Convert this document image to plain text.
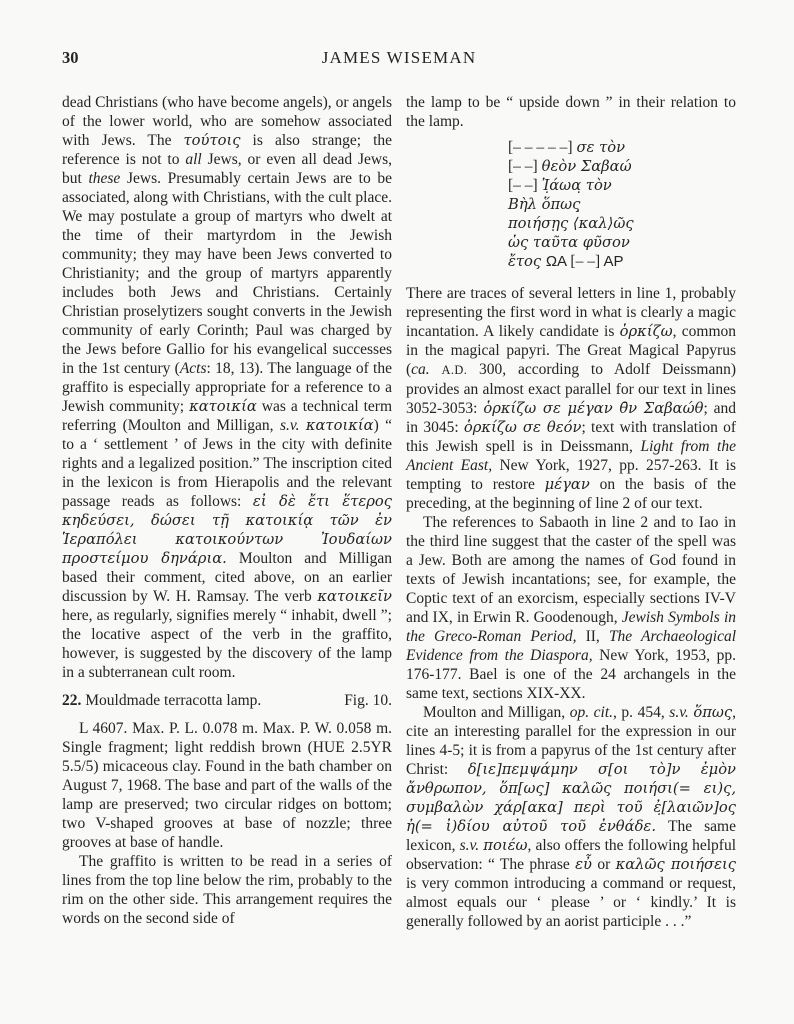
30	JAMES WISEMAN

dead Christians (who have become angels), or angels of the lower world, who are somehow associated with Jews. The τούτοις is also strange; the reference is not to all Jews, or even all dead Jews, but these Jews. Presumably certain Jews are to be associated, along with Christians, with the cult place. We may postulate a group of martyrs who dwelt at the time of their martyrdom in the Jewish community; they may have been Jews converted to Christianity; and the group of martyrs apparently includes both Jews and Christians. Certainly Christian proselytizers sought converts in the Jewish community of early Corinth; Paul was charged by the Jews before Gallio for his evangelical successes in the 1st century (Acts: 18, 13). The language of the graffito is especially appropriate for a reference to a Jewish community; κατοικία was a technical term referring (Moulton and Milligan, s.v. κατοικία) “ to a ‘ settlement ’ of Jews in the city with definite rights and a legalized position.” The inscription cited in the lexicon is from Hierapolis and the relevant passage reads as follows: εἰ δὲ ἔτι ἕτερος κηδεύσει, δώσει τῇ κατοικίᾳ τῶν ἐν Ἱεραπόλει κατοικούντων Ἰουδαίων προστείμου δηνάρια. Moulton and Milligan based their comment, cited above, on an earlier discussion by W. H. Ramsay. The verb κατοικεῖν here, as regularly, signifies merely “ inhabit, dwell ”; the locative aspect of the verb in the graffito, however, is suggested by the discovery of the lamp in a subterranean cult room.

22. Mouldmade terracotta lamp.	Fig. 10.

L 4607. Max. P. L. 0.078 m. Max. P. W. 0.058 m. Single fragment; light reddish brown (HUE 2.5YR 5.5/5) micaceous clay. Found in the bath chamber on August 7, 1968. The base and part of the walls of the lamp are preserved; two circular ridges on bottom; two V-shaped grooves at base of nozzle; three grooves at base of handle.

The graffito is written to be read in a series of lines from the top line below the rim, probably to the rim on the other side. This arrangement requires the words on the second side of

the lamp to be “ upside down ” in their relation to the lamp.

[– – – – –] σε τὸν
[– –] θεὸν Σαβαώ
[– –] Ἰ̣άωα̣ τὸν
Βὴλ ὅπως̣
ποιήσῃς ⟨καλ⟩ῶς
ὡς ταῦτα φῦσον
ἔτος ΩΑ [– –] ΑΡ

There are traces of several letters in line 1, probably representing the first word in what is clearly a magic incantation. A likely candidate is ὁρκίζω, common in the magical papyri. The Great Magical Papyrus (ca. A.D. 300, according to Adolf Deissmann) provides an almost exact parallel for our text in lines 3052-3053: ὁρκίζω σε μέγαν θ̄ν Σαβαώθ; and in 3045: ὁρκίζω σε θεόν; text with translation of this Jewish spell is in Deissmann, Light from the Ancient East, New York, 1927, pp. 257-263. It is tempting to restore μέγαν on the basis of the preceding, at the beginning of line 2 of our text.

The references to Sabaoth in line 2 and to Iao in the third line suggest that the caster of the spell was a Jew. Both are among the names of God found in texts of Jewish incantations; see, for example, the Coptic text of an exorcism, especially sections IV-V and IX, in Erwin R. Goodenough, Jewish Symbols in the Greco-Roman Period, II, The Archaeological Evidence from the Diaspora, New York, 1953, pp. 176-177. Bael is one of the 24 archangels in the same text, sections XIX-XX.

Moulton and Milligan, op. cit., p. 454, s.v. ὅπως, cite an interesting parallel for the expression in our lines 4-5; it is from a papyrus of the 1st century after Christ: δ[ιε]πεμψάμην σ[οι τὸ]ν ἐμὸν ἄνθρωπον, ὅπ[ως] καλῶς ποιήσι(= ει)ς, συμβαλὼν χάρ[ακα] περὶ τοῦ ἐ̣[λαιῶν]ος ἠ(= ἰ)δίου αὐτοῦ τοῦ ἐνθάδε. The same lexicon, s.v. ποιέω, also offers the following helpful observation: “ The phrase εὖ or καλῶς ποιήσεις is very common introducing a command or request, almost equals our ‘ please ’ or ‘ kindly.’ It is generally followed by an aorist participle . . .”
